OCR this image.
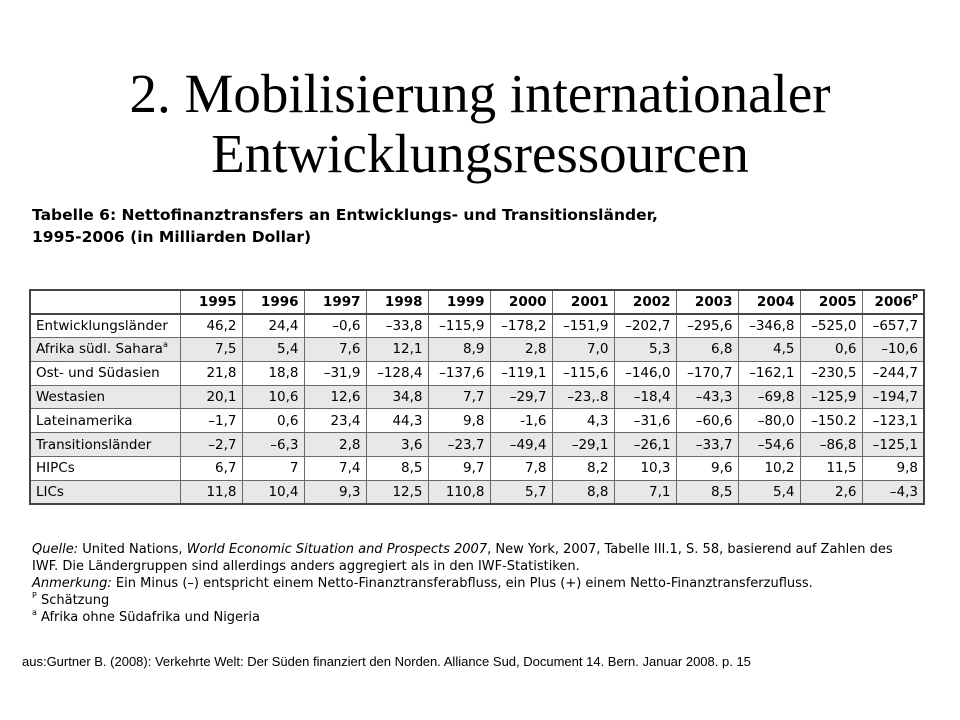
2. Mobilisierung internationaler
Entwicklungsressourcen

Tabelle 6: Nettofinanztransfers an Entwicklungs- und Transitionsländer,
1995-2006 (in Milliarden Dollar)

	1995	1996	1997	1998	1999	2000	2001	2002	2003	2004	2005	$2006^P$
Entwicklungsländer	46,2	24,4	–0,6	–33,8	–115,9	–178,2	–151,9	–202,7	–295,6	–346,8	–525,0	–657,7
Afrika südl. Sahara$^a$	7,5	5,4	7,6	12,1	8,9	2,8	7,0	5,3	6,8	4,5	0,6	–10,6
Ost- und Südasien	21,8	18,8	–31,9	–128,4	–137,6	–119,1	–115,6	–146,0	–170,7	–162,1	–230,5	–244,7
Westasien	20,1	10,6	12,6	34,8	7,7	–29,7	–23,.8	–18,4	–43,3	–69,8	–125,9	–194,7
Lateinamerika	–1,7	0,6	23,4	44,3	9,8	-1,6	4,3	–31,6	–60,6	–80,0	–150.2	–123,1
Transitionsländer	–2,7	–6,3	2,8	3,6	–23,7	–49,4	–29,1	–26,1	–33,7	–54,6	–86,8	–125,1
HIPCs	6,7	7	7,4	8,5	9,7	7,8	8,2	10,3	9,6	10,2	11,5	9,8
LICs	11,8	10,4	9,3	12,5	110,8	5,7	8,8	7,1	8,5	5,4	2,6	–4,3

Quelle: United Nations, World Economic Situation and Prospects 2007, New York, 2007, Tabelle III.1, S. 58, basierend auf Zahlen des IWF. Die Ländergruppen sind allerdings anders aggregiert als in den IWF-Statistiken.

Anmerkung: Ein Minus (–) entspricht einem Netto-Finanztransferabfluss, ein Plus (+) einem Netto-Finanztransferzufluss.

$^P$ Schätzung

$^a$ Afrika ohne Südafrika und Nigeria

aus:Gurtner B. (2008): Verkehrte Welt: Der Süden finanziert den Norden. Alliance Sud, Document 14. Bern. Januar 2008. p. 15
